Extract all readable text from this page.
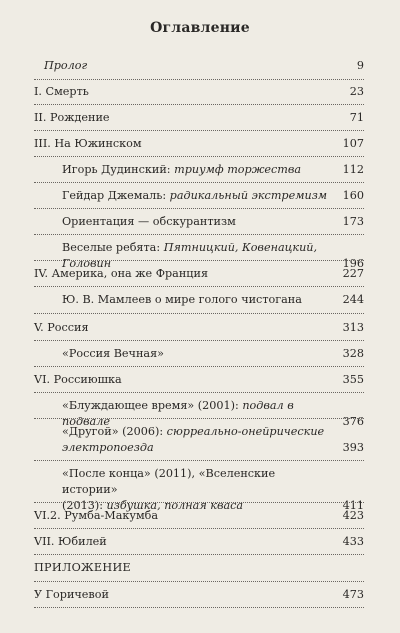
Оглавление
Пролог	9
I. Смерть	23
II. Рождение	71
III. На Южинском	107
Игорь Дудинский: триумф торжества	112
Гейдар Джемаль: радикальный экстремизм	160
Ориентация — обскурантизм	173
Веселые ребята: Пятницкий, Ковенацкий, Головин	196
IV. Америка, она же Франция	227
Ю. В. Мамлеев о мире голого чистогана	244
V. Россия	313
«Россия Вечная»	328
VI. Россиюшка	355
«Блуждающее время» (2001): подвал в подвале	376
«Другой» (2006): сюрреально-онейрические
электропоезда	393
«После конца» (2011), «Вселенские истории»
(2013): избушка, полная кваса	411
VI.2. Румба-Макумба	423
VII. Юбилей	433
ПРИЛОЖЕНИЕ
У Горичевой	473
